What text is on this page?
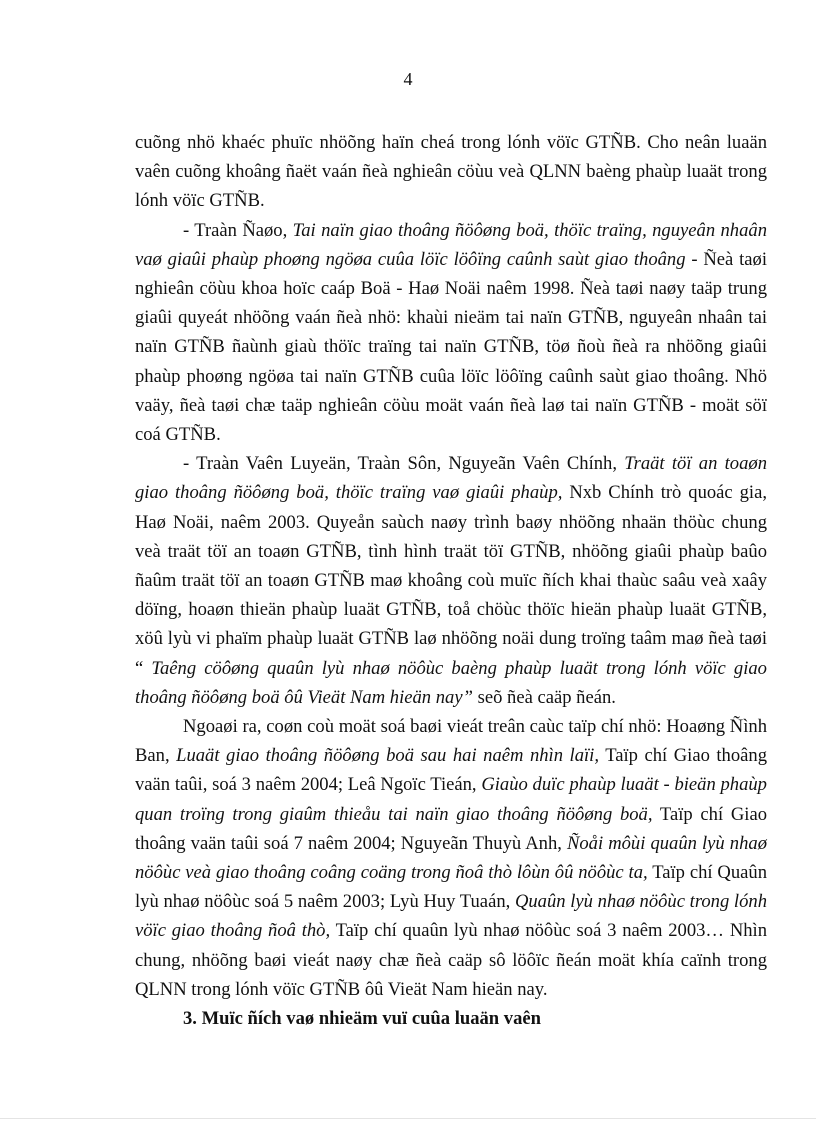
4

cuõng nhö khaéc phuïc nhöõng haïn cheá trong lónh vöïc GTÑB. Cho neân luaän vaên cuõng khoâng ñaët vaán ñeà nghieân cöùu veà QLNN baèng phaùp luaät trong lónh vöïc GTÑB.

- Traàn Ñaøo, Tai naïn giao thoâng ñöôøng boä, thöïc traïng, nguyeân nhaân vaø giaûi phaùp phoøng ngöøa cuûa löïc löôïng caûnh saùt giao thoâng - Ñeà taøi nghieân cöùu khoa hoïc caáp Boä - Haø Noäi naêm 1998. Ñeà taøi naøy taäp trung giaûi quyeát nhöõng vaán ñeà nhö: khaùi nieäm tai naïn GTÑB, nguyeân nhaân tai naïn GTÑB ñaùnh giaù thöïc traïng tai naïn GTÑB, töø ñoù ñeà ra nhöõng giaûi phaùp phoøng ngöøa tai naïn GTÑB cuûa löïc löôïng caûnh saùt giao thoâng. Nhö vaäy, ñeà taøi chæ taäp nghieân cöùu moät vaán ñeà laø tai naïn GTÑB - moät söï coá GTÑB.

- Traàn Vaên Luyeän, Traàn Sôn, Nguyeãn Vaên Chính, Traät töï an toaøn giao thoâng ñöôøng boä, thöïc traïng vaø giaûi phaùp, Nxb Chính trò quoác gia, Haø Noäi, naêm 2003. Quyeån saùch naøy trình baøy nhöõng nhaän thöùc chung veà traät töï an toaøn GTÑB, tình hình traät töï GTÑB, nhöõng giaûi phaùp baûo ñaûm traät töï an toaøn GTÑB maø khoâng coù muïc ñích khai thaùc saâu veà xaây döïng, hoaøn thieän phaùp luaät GTÑB, toå chöùc thöïc hieän phaùp luaät GTÑB, xöû lyù vi phaïm phaùp luaät GTÑB laø nhöõng noäi dung troïng taâm maø ñeà taøi “ Taêng cöôøng quaûn lyù nhaø nöôùc baèng phaùp luaät trong lónh vöïc giao thoâng ñöôøng boä ôû Vieät Nam hieän nay” seõ ñeà caäp ñeán.

Ngoaøi ra, coøn coù moät soá baøi vieát treân caùc taïp chí nhö: Hoaøng Ñình Ban, Luaät giao thoâng ñöôøng boä sau hai naêm nhìn laïi, Taïp chí Giao thoâng vaän taûi, soá 3 naêm 2004; Leâ Ngoïc Tieán, Giaùo duïc phaùp luaät - bieän phaùp quan troïng trong giaûm thieåu tai naïn giao thoâng ñöôøng boä, Taïp chí Giao thoâng vaän taûi soá 7 naêm 2004; Nguyeãn Thuyù Anh, Ñoåi môùi quaûn lyù nhaø nöôùc veà giao thoâng coâng coäng trong ñoâ thò lôùn ôû nöôùc ta, Taïp chí Quaûn lyù nhaø nöôùc soá 5 naêm 2003; Lyù Huy Tuaán, Quaûn lyù nhaø nöôùc trong lónh vöïc giao thoâng ñoâ thò, Taïp chí quaûn lyù nhaø nöôùc soá 3 naêm 2003… Nhìn chung, nhöõng baøi vieát naøy chæ ñeà caäp sô löôïc ñeán moät khía caïnh trong QLNN trong lónh vöïc GTÑB ôû Vieät Nam hieän nay.

3. Muïc ñích vaø nhieäm vuï cuûa luaän vaên
